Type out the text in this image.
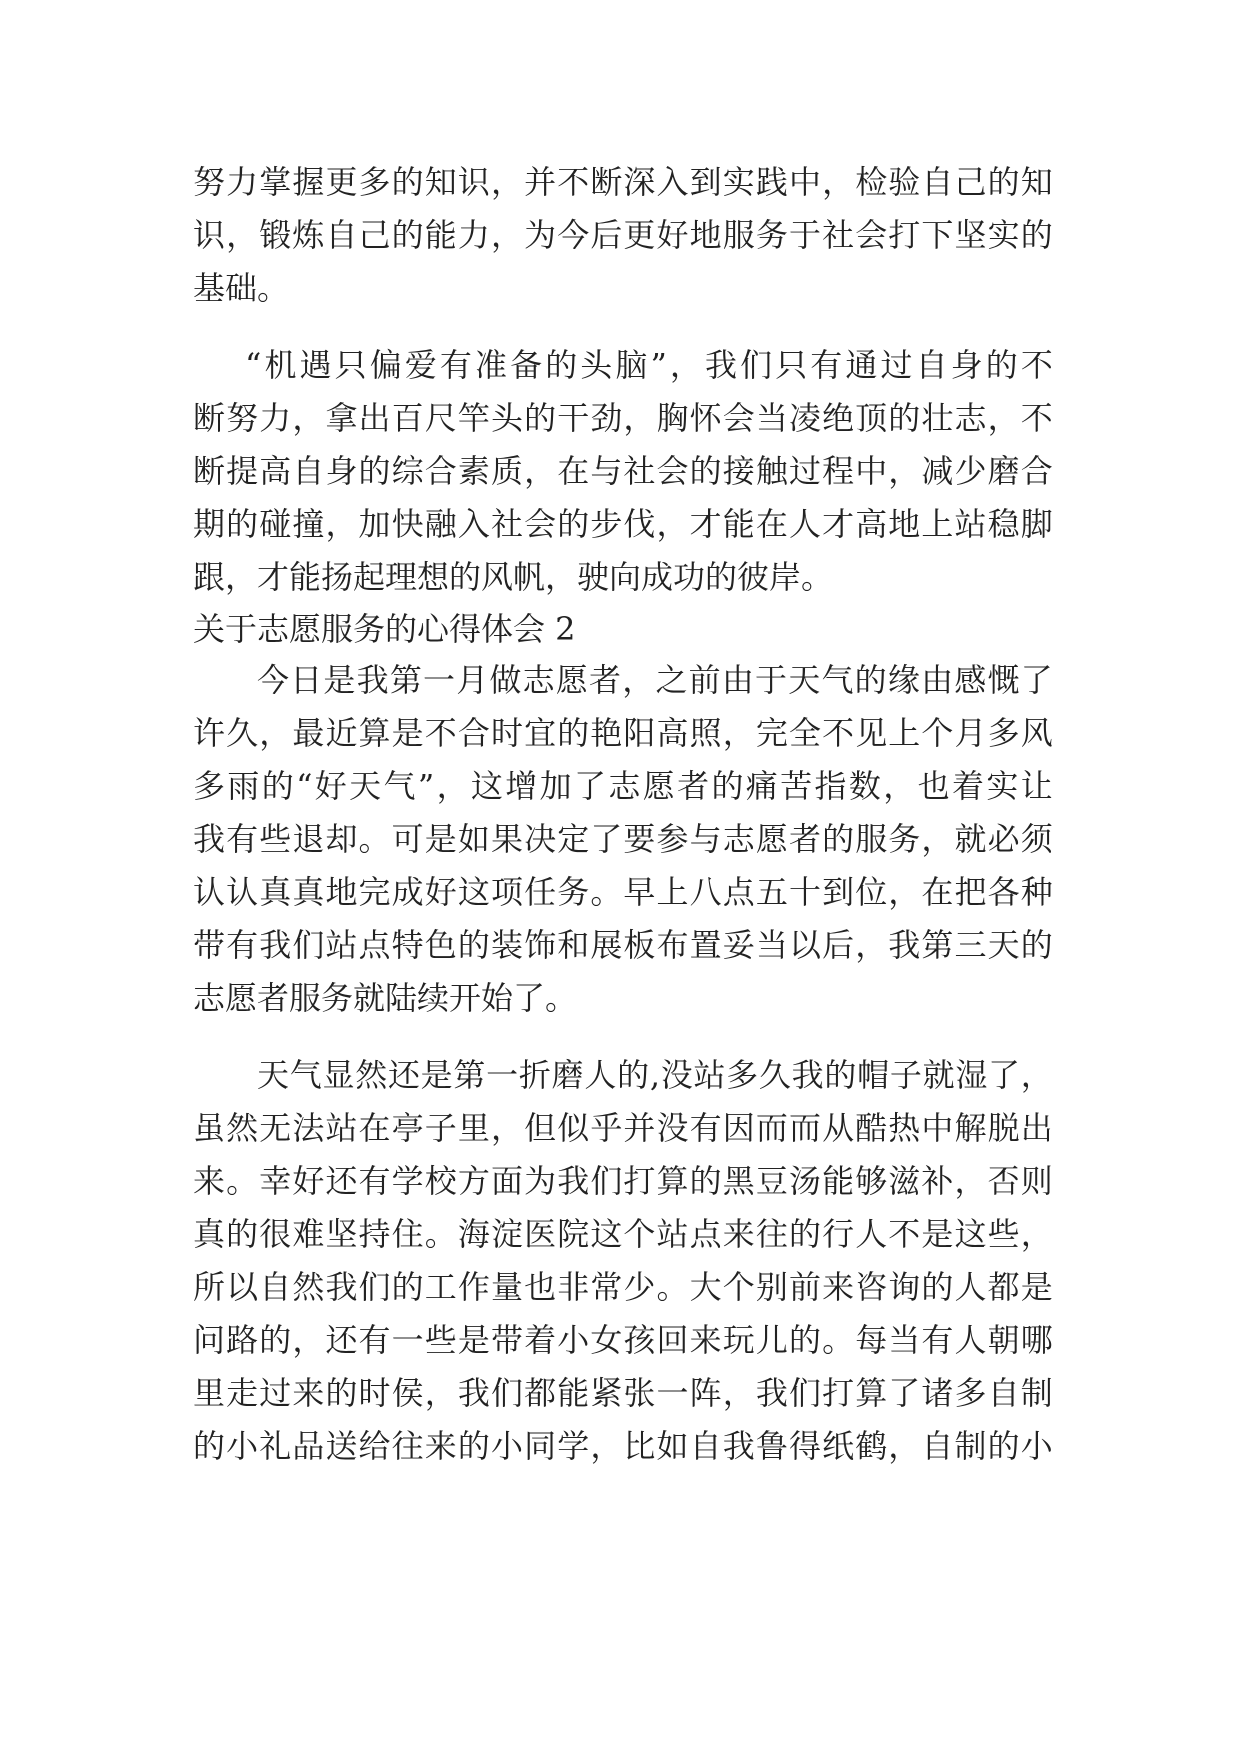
努 力 掌 握 更 多 的 知 识 ， 并 不 断 深 入 到 实 践 中 ， 检 验 自 己 的 知
识 ， 锻 炼 自 己 的 能 力 ， 为 今 后 更 好 地 服 务 于 社 会 打 下 坚 实 的
基础。
“ 机 遇 只 偏 爱 有 准 备 的 头 脑 ” ， 我 们 只 有 通 过 自 身 的 不
断 努 力 ， 拿 出 百 尺 竿 头 的 干 劲 ， 胸 怀 会 当 凌 绝 顶 的 壮 志 ， 不
断 提 高 自 身 的 综 合 素 质 ， 在 与 社 会 的 接 触 过 程 中 ， 减 少 磨 合
期 的 碰 撞 ， 加 快 融 入 社 会 的 步 伐 ， 才 能 在 人 才 高 地 上 站 稳 脚
跟，才能扬起理想的风帆，驶向成功的彼岸。
关于志愿服务的心得体会 2
今 日 是 我 第 一 月 做 志 愿 者 ， 之 前 由 于 天 气 的 缘 由 感 慨 了
许 久 ， 最 近 算 是 不 合 时 宜 的 艳 阳 高 照 ， 完 全 不 见 上 个 月 多 风
多 雨 的 “ 好 天 气 ” ， 这 增 加 了 志 愿 者 的 痛 苦 指 数 ， 也 着 实 让
我 有 些 退 却 。 可 是 如 果 决 定 了 要 参 与 志 愿 者 的 服 务 ， 就 必 须
认 认 真 真 地 完 成 好 这 项 任 务 。 早 上 八 点 五 十 到 位 ， 在 把 各 种
带 有 我 们 站 点 特 色 的 装 饰 和 展 板 布 置 妥 当 以 后 ， 我 第 三 天 的
志愿者服务就陆续开始了。
天 气 显 然 还 是 第 一 折 磨 人 的 , 没 站 多 久 我 的 帽 子 就 湿 了 ，
虽 然 无 法 站 在 亭 子 里 ， 但 似 乎 并 没 有 因 而 而 从 酷 热 中 解 脱 出
来 。 幸 好 还 有 学 校 方 面 为 我 们 打 算 的 黑 豆 汤 能 够 滋 补 ， 否 则
真 的 很 难 坚 持 住 。 海 淀 医 院 这 个 站 点 来 往 的 行 人 不 是 这 些 ，
所 以 自 然 我 们 的 工 作 量 也 非 常 少 。 大 个 别 前 来 咨 询 的 人 都 是
问 路 的 ， 还 有 一 些 是 带 着 小 女 孩 回 来 玩 儿 的 。 每 当 有 人 朝 哪
里 走 过 来 的 时 侯 ， 我 们 都 能 紧 张 一 阵 ， 我 们 打 算 了 诸 多 自 制
的 小 礼 品 送 给 往 来 的 小 同 学 ， 比 如 自 我 鲁 得 纸 鹤 ， 自 制 的 小
